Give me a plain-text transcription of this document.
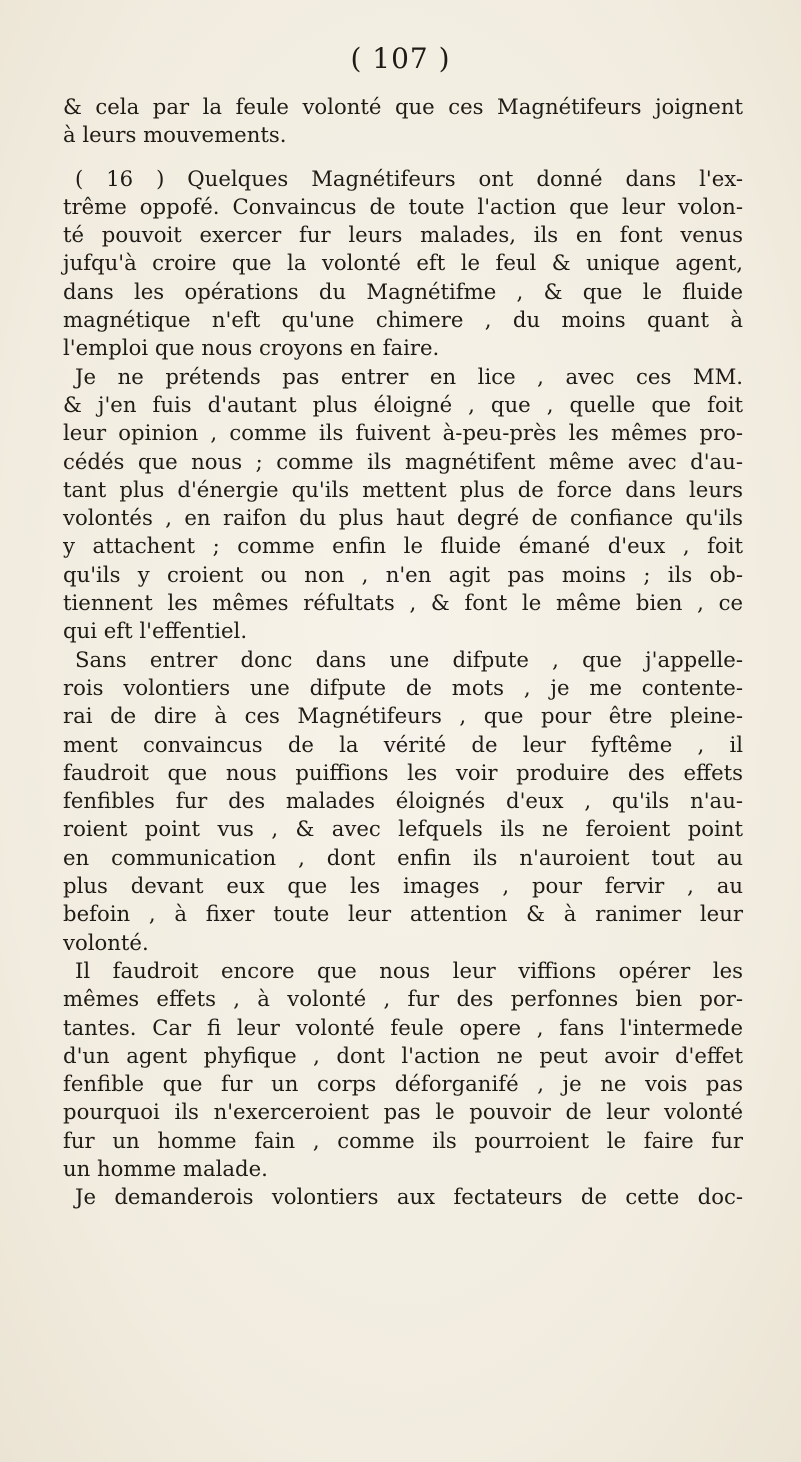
( 107 )
& cela par la feule volonté que ces Magnétifeurs joignent
à leurs mouvements.
( 16 ) Quelques Magnétifeurs ont donné dans l'ex-
trême oppofé. Convaincus de toute l'action que leur volon-
té pouvoit exercer fur leurs malades, ils en font venus
jufqu'à croire que la volonté eft le feul & unique agent,
dans les opérations du Magnétifme , & que le fluide
magnétique n'eft qu'une chimere , du moins quant à
l'emploi que nous croyons en faire.
Je ne prétends pas entrer en lice , avec ces MM.
& j'en fuis d'autant plus éloigné , que , quelle que foit
leur opinion , comme ils fuivent à-peu-près les mêmes pro-
cédés que nous ; comme ils magnétifent même avec d'au-
tant plus d'énergie qu'ils mettent plus de force dans leurs
volontés , en raifon du plus haut degré de confiance qu'ils
y attachent ; comme enfin le fluide émané d'eux , foit
qu'ils y croient ou non , n'en agit pas moins ; ils ob-
tiennent les mêmes réfultats , & font le même bien , ce
qui eft l'effentiel.
Sans entrer donc dans une difpute , que j'appelle-
rois volontiers une difpute de mots , je me contente-
rai de dire à ces Magnétifeurs , que pour être pleine-
ment convaincus de la vérité de leur fyftême , il
faudroit que nous puiffions les voir produire des effets
fenfibles fur des malades éloignés d'eux , qu'ils n'au-
roient point vus , & avec lefquels ils ne feroient point
en communication , dont enfin ils n'auroient tout au
plus devant eux que les images , pour fervir , au
befoin , à fixer toute leur attention & à ranimer leur
volonté.
Il faudroit encore que nous leur viffions opérer les
mêmes effets , à volonté , fur des perfonnes bien por-
tantes. Car fi leur volonté feule opere , fans l'intermede
d'un agent phyfique , dont l'action ne peut avoir d'effet
fenfible que fur un corps déforganifé , je ne vois pas
pourquoi ils n'exerceroient pas le pouvoir de leur volonté
fur un homme fain , comme ils pourroient le faire fur
un homme malade.
Je demanderois volontiers aux fectateurs de cette doc-
